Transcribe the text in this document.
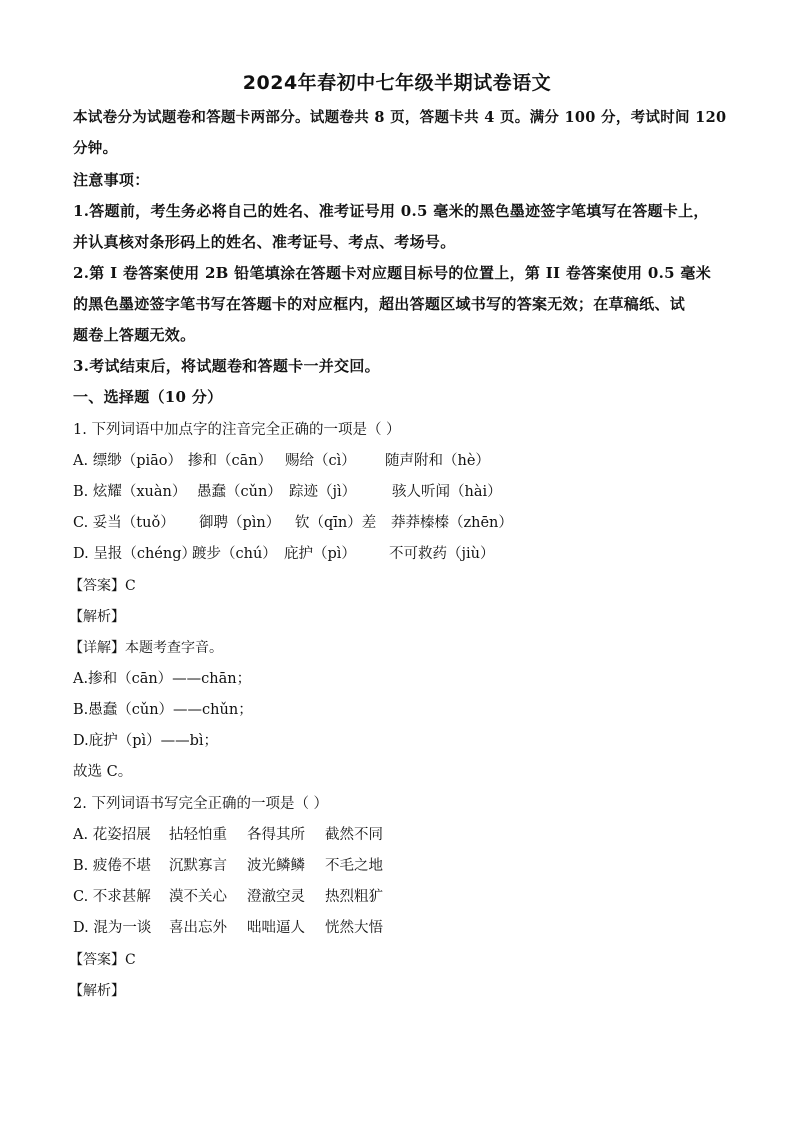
2024年春初中七年级半期试卷语文
本试卷分为试题卷和答题卡两部分。试题卷共 8 页，答题卡共 4 页。满分 100 分，考试时间 120
分钟。
注意事项：
1.答题前，考生务必将自己的姓名、准考证号用 0.5 毫米的黑色墨迹签字笔填写在答题卡上，
并认真核对条形码上的姓名、准考证号、考点、考场号。
2.第 I 卷答案使用 2B 铅笔填涂在答题卡对应题目标号的位置上，第 II 卷答案使用 0.5 毫米
的黑色墨迹签字笔书写在答题卡的对应框内，超出答题区域书写的答案无效；在草稿纸、试
题卷上答题无效。
3.考试结束后，将试题卷和答题卡一并交回。
一、选择题（10 分）
1. 下列词语中加点字的注音完全正确的一项是（ ）
A. 缥缈（piāo） 掺和（cān） 赐给（cì） 随声附和（hè）
B. 炫耀（xuàn） 愚蠢（cǔn） 踪迹（jì） 骇人听闻（hài）
C. 妥当（tuǒ） 御聘（pìn） 钦（qīn）差 莽莽榛榛（zhēn）
D. 呈报（chéng）踱步（chú） 庇护（pì） 不可救药（jiù）
【答案】C
【解析】
【详解】本题考查字音。
A.掺和（cān）——chān；
B.愚蠢（cǔn）——chǔn；
D.庇护（pì）——bì；
故选 C。
2. 下列词语书写完全正确的一项是（ ）
A. 花姿招展 拈轻怕重 各得其所 截然不同
B. 疲倦不堪 沉默寡言 波光鳞鳞 不毛之地
C. 不求甚解 漠不关心 澄澈空灵 热烈粗犷
D. 混为一谈 喜出忘外 咄咄逼人 恍然大悟
【答案】C
【解析】
